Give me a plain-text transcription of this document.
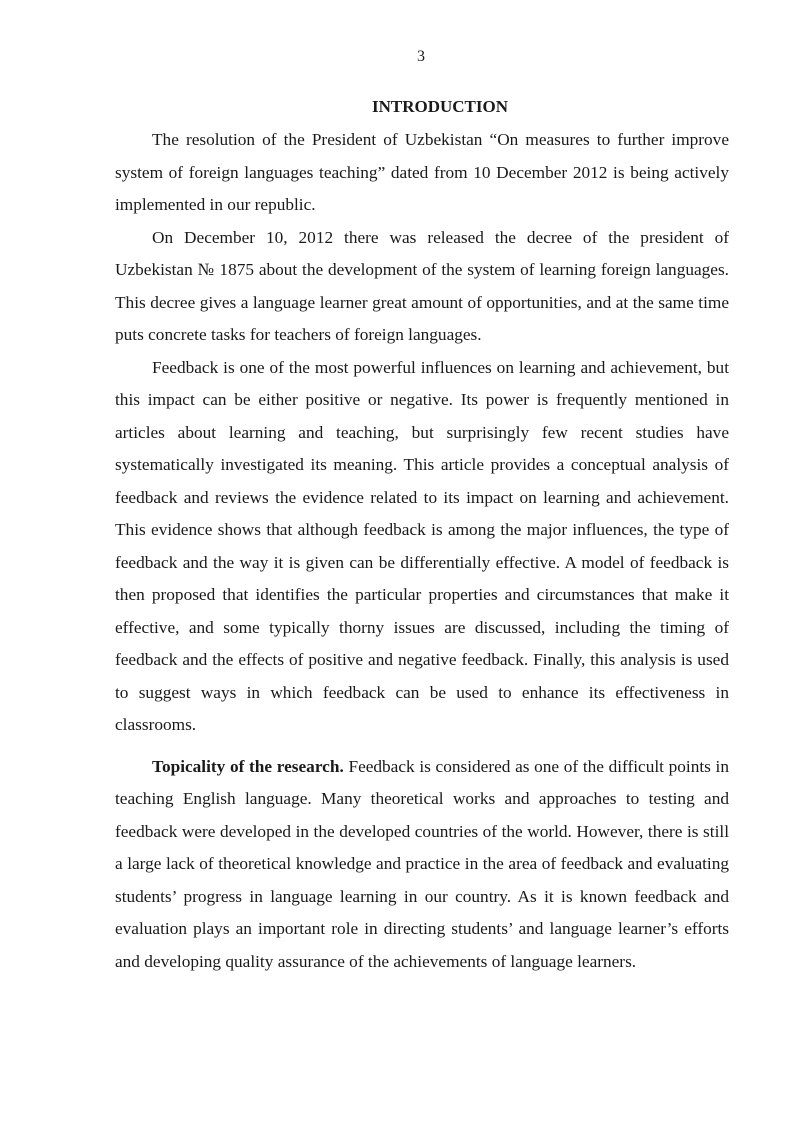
3
INTRODUCTION

The resolution of the President of Uzbekistan “On measures to further improve system of foreign languages teaching” dated from 10 December 2012 is being actively implemented in our republic.

On December 10, 2012 there was released the decree of the president of Uzbekistan № 1875 about the development of the system of learning foreign languages. This decree gives a language learner great amount of opportunities, and at the same time puts concrete tasks for teachers of foreign languages.

Feedback is one of the most powerful influences on learning and achievement, but this impact can be either positive or negative. Its power is frequently mentioned in articles about learning and teaching, but surprisingly few recent studies have systematically investigated its meaning. This article provides a conceptual analysis of feedback and reviews the evidence related to its impact on learning and achievement. This evidence shows that although feedback is among the major influences, the type of feedback and the way it is given can be differentially effective. A model of feedback is then proposed that identifies the particular properties and circumstances that make it effective, and some typically thorny issues are discussed, including the timing of feedback and the effects of positive and negative feedback. Finally, this analysis is used to suggest ways in which feedback can be used to enhance its effectiveness in classrooms.

Topicality of the research. Feedback is considered as one of the difficult points in teaching English language. Many theoretical works and approaches to testing and feedback were developed in the developed countries of the world. However, there is still a large lack of theoretical knowledge and practice in the area of feedback and evaluating students’ progress in language learning in our country. As it is known feedback and evaluation plays an important role in directing students’ and language learner’s efforts and developing quality assurance of the achievements of language learners.
